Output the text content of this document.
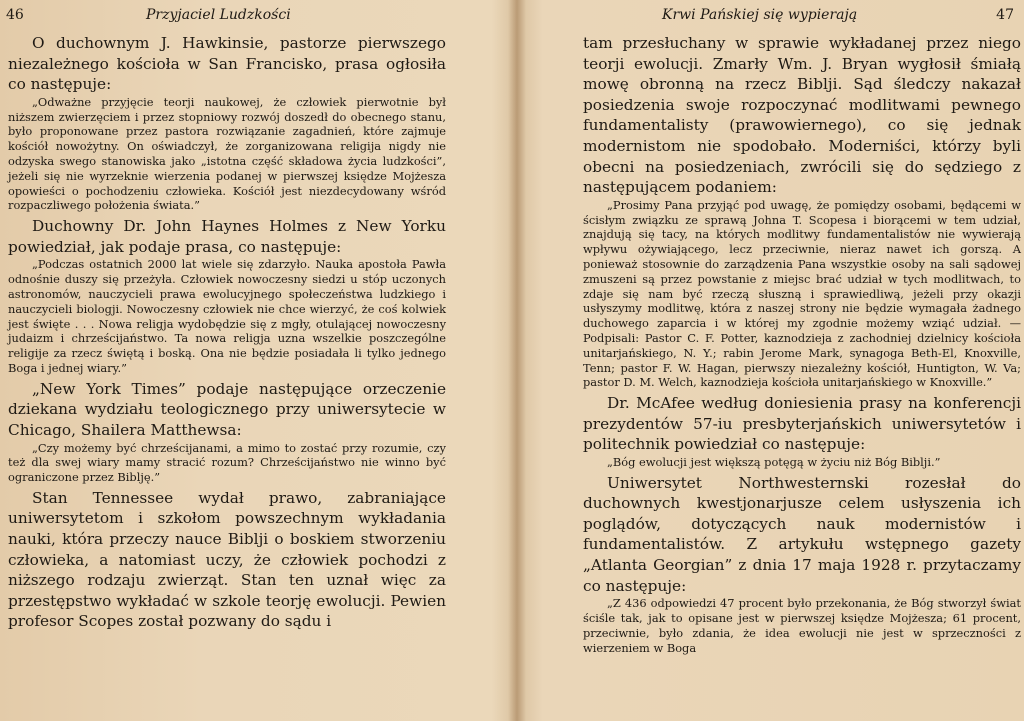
46	Przyjaciel Ludzkości

O duchownym J. Hawkinsie, pastorze pierwszego niezależnego kościoła w San Francisko, prasa ogłosiła co następuje:

„Odważne przyjęcie teorji naukowej, że człowiek pierwotnie był niższem zwierzęciem i przez stopniowy rozwój doszedł do obecnego stanu, było proponowane przez pastora rozwiązanie zagadnień, które zajmuje kościół nowożytny. On oświadczył, że zorganizowana religija nigdy nie odzyska swego stanowiska jako „istotna część składowa życia ludzkości”, jeżeli się nie wyrzeknie wierzenia podanej w pierwszej księdze Mojżesza opowieści o pochodzeniu człowieka. Kościół jest niezdecydowany wśród rozpaczliwego położenia świata.”

Duchowny Dr. John Haynes Holmes z New Yorku powiedział, jak podaje prasa, co następuje:

„Podczas ostatnich 2000 lat wiele się zdarzyło. Nauka apostoła Pawła odnośnie duszy się przeżyła. Człowiek nowoczesny siedzi u stóp uczonych astronomów, nauczycieli prawa ewolucyjnego społeczeństwa ludzkiego i nauczycieli biologji. Nowoczesny człowiek nie chce wierzyć, że coś kolwiek jest święte . . . Nowa religja wydobędzie się z mgły, otulającej nowoczesny judaizm i chrześcijaństwo. Ta nowa religja uzna wszelkie poszczególne religije za rzecz świętą i boską. Ona nie będzie posiadała li tylko jednego Boga i jednej wiary.”

„New York Times” podaje następujące orzeczenie dziekana wydziału teologicznego przy uniwersytecie w Chicago, Shailera Matthewsa:

„Czy możemy być chrześcijanami, a mimo to zostać przy rozumie, czy też dla swej wiary mamy stracić rozum? Chrześcijaństwo nie winno być ograniczone przez Biblję.”

Stan Tennessee wydał prawo, zabraniające uniwersytetom i szkołom powszechnym wykładania nauki, która przeczy nauce Biblji o boskiem stworzeniu człowieka, a natomiast uczy, że człowiek pochodzi z niższego rodzaju zwierząt. Stan ten uznał więc za przestępstwo wykładać w szkole teorję ewolucji. Pewien profesor Scopes został pozwany do sądu i

Krwi Pańskiej się wypierają	47

tam przesłuchany w sprawie wykładanej przez niego teorji ewolucji. Zmarły Wm. J. Bryan wygłosił śmiałą mowę obronną na rzecz Biblji. Sąd śledczy nakazał posiedzenia swoje rozpoczynać modlitwami pewnego fundamentalisty (prawowiernego), co się jednak modernistom nie spodobało. Moderniści, którzy byli obecni na posiedzeniach, zwrócili się do sędziego z następującem podaniem:

„Prosimy Pana przyjąć pod uwagę, że pomiędzy osobami, będącemi w ścisłym związku ze sprawą Johna T. Scopesa i biorącemi w tem udział, znajdują się tacy, na których modlitwy fundamentalistów nie wywierają wpływu ożywiającego, lecz przeciwnie, nieraz nawet ich gorszą. A ponieważ stosownie do zarządzenia Pana wszystkie osoby na sali sądowej zmuszeni są przez powstanie z miejsc brać udział w tych modlitwach, to zdaje się nam być rzeczą słuszną i sprawiedliwą, jeżeli przy okazji usłyszymy modlitwę, która z naszej strony nie będzie wymagała żadnego duchowego zaparcia i w której my zgodnie możemy wziąć udział. — Podpisali: Pastor C. F. Potter, kaznodzieja z zachodniej dzielnicy kościoła unitarjańskiego, N. Y.; rabin Jerome Mark, synagoga Beth-El, Knoxville, Tenn; pastor F. W. Hagan, pierwszy niezależny kościół, Huntigton, W. Va; pastor D. M. Welch, kaznodzieja kościoła unitarjańskiego w Knoxville.”

Dr. McAfee według doniesienia prasy na konferencji prezydentów 57-iu presbyterjańskich uniwersytetów i politechnik powiedział co następuje:

„Bóg ewolucji jest większą potęgą w życiu niż Bóg Biblji.”

Uniwersytet Northwesternski rozesłał do duchownych kwestjonarjusze celem usłyszenia ich poglądów, dotyczących nauk modernistów i fundamentalistów. Z artykułu wstępnego gazety „Atlanta Georgian” z dnia 17 maja 1928 r. przytaczamy co następuje:

„Z 436 odpowiedzi 47 procent było przekonania, że Bóg stworzył świat ściśle tak, jak to opisane jest w pierwszej księdze Mojżesza; 61 procent, przeciwnie, było zdania, że idea ewolucji nie jest w sprzeczności z wierzeniem w Boga
